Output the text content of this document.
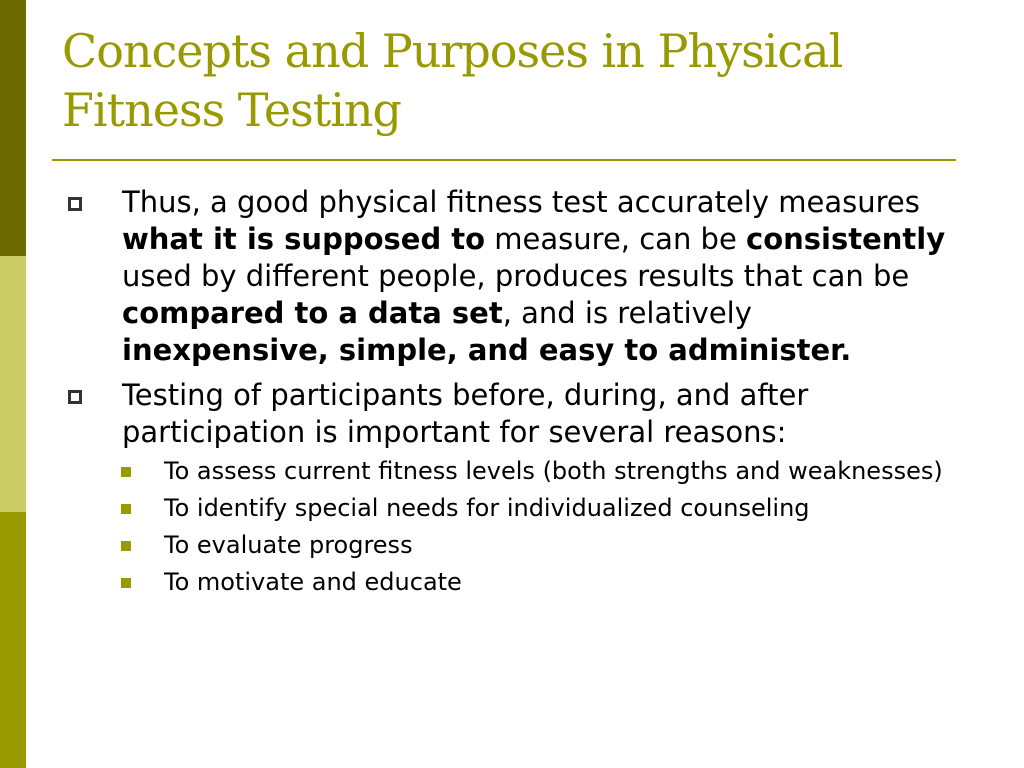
Concepts and Purposes in Physical Fitness Testing
Thus, a good physical fitness test accurately measures what it is supposed to measure, can be consistently used by different people, produces results that can be compared to a data set, and is relatively inexpensive, simple, and easy to administer.
Testing of participants before, during, and after participation is important for several reasons:
To assess current fitness levels (both strengths and weaknesses)
To identify special needs for individualized counseling
To evaluate progress
To motivate and educate
